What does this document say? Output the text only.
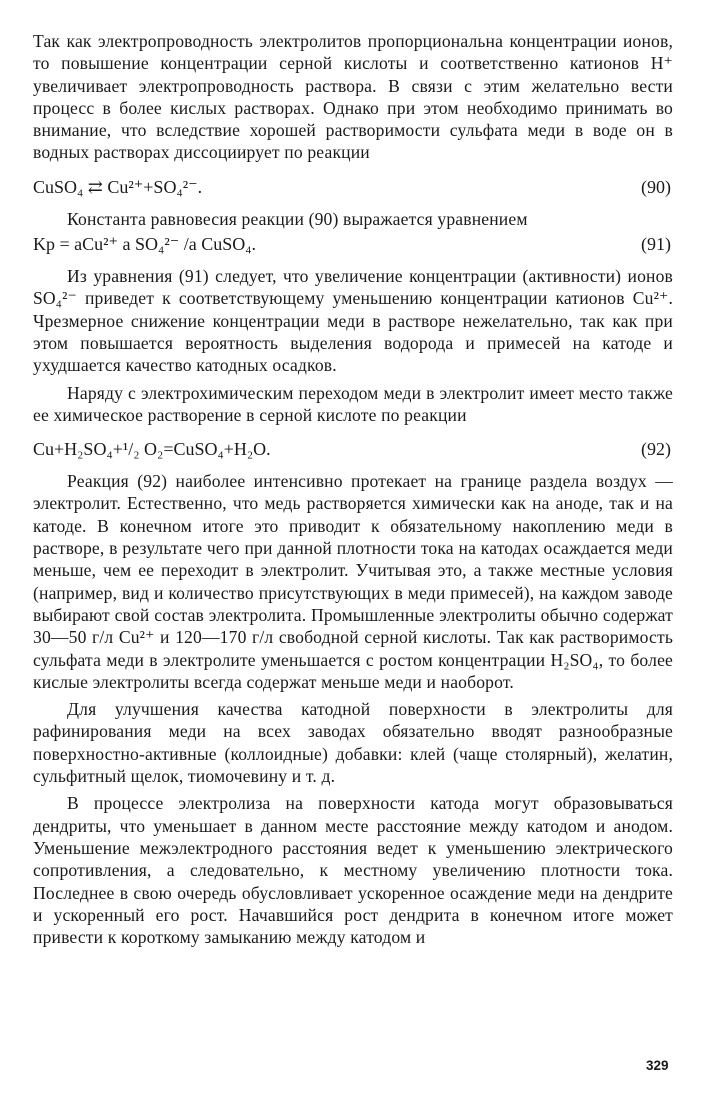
Так как электропроводность электролитов пропорциональна концентрации ионов, то повышение концентрации серной кислоты и соответственно катионов H⁺ увеличивает электропроводность раствора. В связи с этим желательно вести процесс в более кислых растворах. Однако при этом необходимо принимать во внимание, что вследствие хорошей растворимости сульфата меди в воде он в водных растворах диссоциирует по реакции

CuSO₄ ⇄ Cu²⁺+SO₄²⁻.	(90)

Константа равновесия реакции (90) выражается уравнением

Kр = aCu²⁺ a SO₄²⁻ /a CuSO₄.	(91)

Из уравнения (91) следует, что увеличение концентрации (активности) ионов SO₄²⁻ приведет к соответствующему уменьшению концентрации катионов Cu²⁺. Чрезмерное снижение концентрации меди в растворе нежелательно, так как при этом повышается вероятность выделения водорода и примесей на катоде и ухудшается качество катодных осадков.

Наряду с электрохимическим переходом меди в электролит имеет место также ее химическое растворение в серной кислоте по реакции

Cu+H₂SO₄+¹/₂ O₂=CuSO₄+H₂O.	(92)

Реакция (92) наиболее интенсивно протекает на границе раздела воздух — электролит. Естественно, что медь растворяется химически как на аноде, так и на катоде. В конечном итоге это приводит к обязательному накоплению меди в растворе, в результате чего при данной плотности тока на катодах осаждается меди меньше, чем ее переходит в электролит. Учитывая это, а также местные условия (например, вид и количество присутствующих в меди примесей), на каждом заводе выбирают свой состав электролита. Промышленные электролиты обычно содержат 30—50 г/л Cu²⁺ и 120—170 г/л свободной серной кислоты. Так как растворимость сульфата меди в электролите уменьшается с ростом концентрации H₂SO₄, то более кислые электролиты всегда содержат меньше меди и наоборот.

Для улучшения качества катодной поверхности в электролиты для рафинирования меди на всех заводах обязательно вводят разнообразные поверхностно-активные (коллоидные) добавки: клей (чаще столярный), желатин, сульфитный щелок, тиомочевину и т. д.

В процессе электролиза на поверхности катода могут образовываться дендриты, что уменьшает в данном месте расстояние между катодом и анодом. Уменьшение межэлектродного расстояния ведет к уменьшению электрического сопротивления, а следовательно, к местному увеличению плотности тока. Последнее в свою очередь обусловливает ускоренное осаждение меди на дендрите и ускоренный его рост. Начавшийся рост дендрита в конечном итоге может привести к короткому замыканию между катодом и

329
